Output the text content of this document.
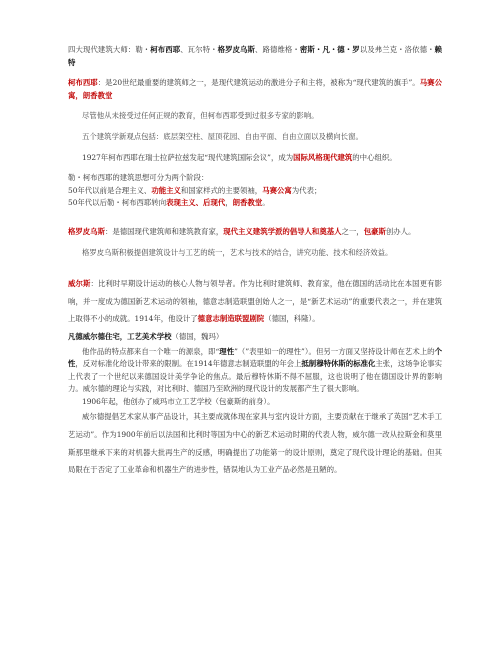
四大现代建筑大师：勒・柯布西耶、瓦尔特・格罗皮乌斯、路德维格・密斯・凡・德・罗以及弗兰克・洛依德・赖特

柯布西耶：是20世纪最重要的建筑师之一，是现代建筑运动的激进分子和主将，被称为“现代建筑的旗手”。马赛公寓，朗香教堂

尽管他从未接受过任何正规的教育，但柯布西耶受到过很多专家的影响。

五个建筑学新观点包括：底层架空柱、屋顶花园、自由平面、自由立面以及横向长窗。

1927年柯布西耶在瑞士拉萨拉兹发起“现代建筑国际会议”，成为国际风格现代建筑的中心组织。

勒・柯布西耶的建筑思想可分为两个阶段：

50年代以前是合理主义、功能主义和国家样式的主要领袖，马赛公寓为代表；

50年代以后勒・柯布西耶转向表现主义、后现代，朗香教堂。

格罗皮乌斯：是德国现代建筑师和建筑教育家，现代主义建筑学派的倡导人和奠基人之一，包豪斯创办人。

格罗皮乌斯积极提倡建筑设计与工艺的统一，艺术与技术的结合，讲究功能、技术和经济效益。

威尔斯：比利时早期设计运动的核心人物与领导者。作为比利时建筑师、教育家，他在德国的活动比在本国更有影响，并一度成为德国新艺术运动的领袖，德意志制造联盟创始人之一，是“新艺术运动”的重要代表之一，并在建筑上取得不小的成就。1914年，他设计了德意志制造联盟剧院（德国，科隆）。

凡德威尔德住宅，工艺美术学校（德国，魏玛）

他作品的特点都来自一个唯一的源泉，即“理性”（”表里如一的理性”）。但另一方面又坚持设计师在艺术上的个性，反对标准化给设计带来的限制。在1914年德意志制造联盟的年会上抵制穆特休斯的标准化主张，这场争论事实上代表了一个世纪以来德国设计美学争论的焦点。最后穆特休斯不得不屈服，这也说明了他在德国设计界的影响力。威尔德的理论与实践，对比利时、德国乃至欧洲的现代设计的发展都产生了很大影响。

1906年起，他创办了威玛市立工艺学校（包豪斯的前身）。

威尔德提倡艺术家从事产品设计，其主要成就体现在家具与室内设计方面，主要贡献在于继承了英国“艺术手工艺运动”。作为1900年前后以法国和比利时等国为中心的新艺术运动时期的代表人物，威尔德一改从拉斯金和莫里斯那里继承下来的对机器大批再生产的反感，明确提出了功能第一的设计原则，奠定了现代设计理论的基础。但其局限在于否定了工业革命和机器生产的进步性，错误地认为工业产品必然是丑陋的。
